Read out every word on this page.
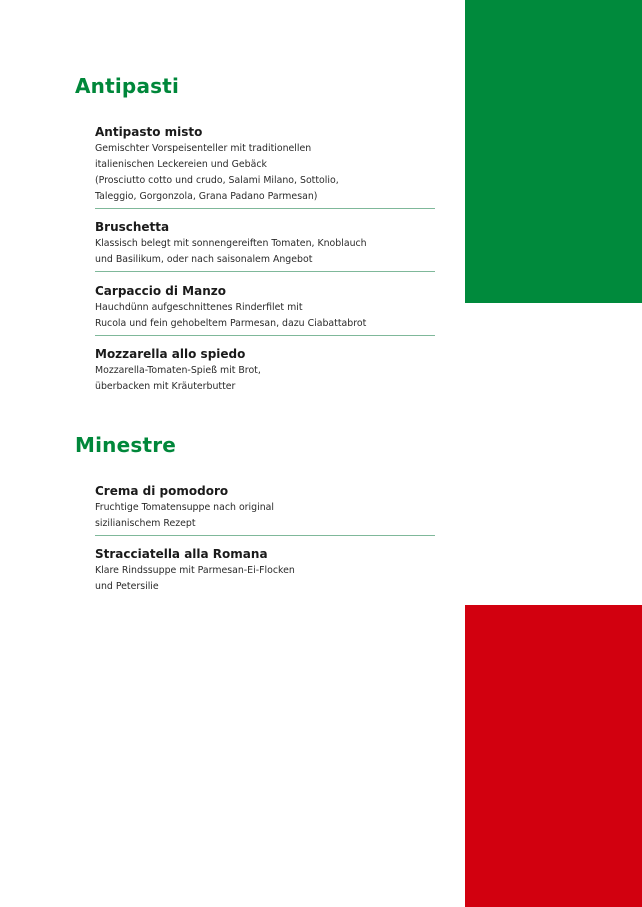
Antipasti
Antipasto misto
Gemischter Vorspeisenteller mit traditionellen
italienischen Leckereien und Gebäck
(Prosciutto cotto und crudo, Salami Milano, Sottolio,
Taleggio, Gorgonzola, Grana Padano Parmesan)
Bruschetta
Klassisch belegt mit sonnengereiften Tomaten, Knoblauch
und Basilikum, oder nach saisonalem Angebot
Carpaccio di Manzo
Hauchdünn aufgeschnittenes Rinderfilet mit
Rucola und fein gehobeltem Parmesan, dazu Ciabattabrot
Mozzarella allo spiedo
Mozzarella-Tomaten-Spieß mit Brot,
überbacken mit Kräuterbutter
Minestre
Crema di pomodoro
Fruchtige Tomatensuppe nach original
sizilianischem Rezept
Stracciatella alla Romana
Klare Rindssuppe mit Parmesan-Ei-Flocken
und Petersilie
